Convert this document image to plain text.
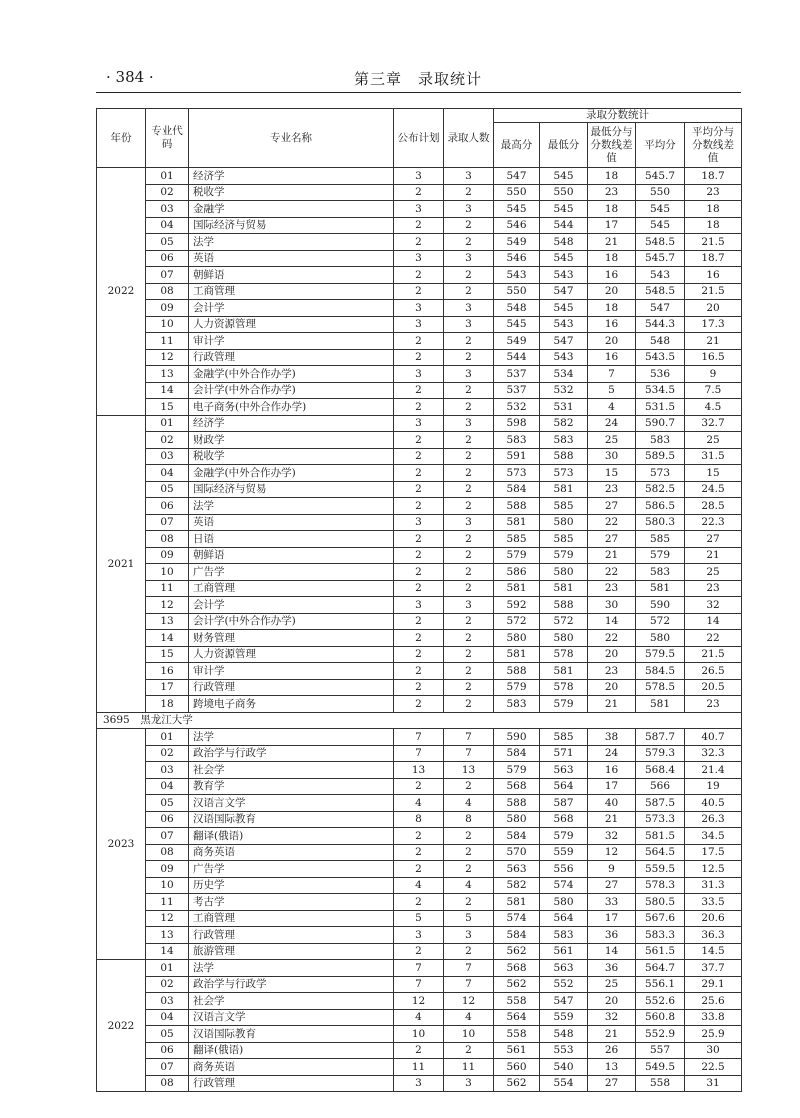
· 384 ·	第三章　录取统计
年份	专业代码	专业名称	公布计划	录取人数	录取分数统计				
					最高分	最低分	最低分与分数线差值	平均分	平均分与分数线差值
2022	01	经济学	3	3	547	545	18	545.7	18.7
	02	税收学	2	2	550	550	23	550	23
	03	金融学	3	3	545	545	18	545	18
	04	国际经济与贸易	2	2	546	544	17	545	18
	05	法学	2	2	549	548	21	548.5	21.5
	06	英语	3	3	546	545	18	545.7	18.7
	07	朝鲜语	2	2	543	543	16	543	16
	08	工商管理	2	2	550	547	20	548.5	21.5
	09	会计学	3	3	548	545	18	547	20
	10	人力资源管理	3	3	545	543	16	544.3	17.3
	11	审计学	2	2	549	547	20	548	21
	12	行政管理	2	2	544	543	16	543.5	16.5
	13	金融学(中外合作办学)	3	3	537	534	7	536	9
	14	会计学(中外合作办学)	2	2	537	532	5	534.5	7.5
	15	电子商务(中外合作办学)	2	2	532	531	4	531.5	4.5
2021	01	经济学	3	3	598	582	24	590.7	32.7
	02	财政学	2	2	583	583	25	583	25
	03	税收学	2	2	591	588	30	589.5	31.5
	04	金融学(中外合作办学)	2	2	573	573	15	573	15
	05	国际经济与贸易	2	2	584	581	23	582.5	24.5
	06	法学	2	2	588	585	27	586.5	28.5
	07	英语	3	3	581	580	22	580.3	22.3
	08	日语	2	2	585	585	27	585	27
	09	朝鲜语	2	2	579	579	21	579	21
	10	广告学	2	2	586	580	22	583	25
	11	工商管理	2	2	581	581	23	581	23
	12	会计学	3	3	592	588	30	590	32
	13	会计学(中外合作办学)	2	2	572	572	14	572	14
	14	财务管理	2	2	580	580	22	580	22
	15	人力资源管理	2	2	581	578	20	579.5	21.5
	16	审计学	2	2	588	581	23	584.5	26.5
	17	行政管理	2	2	579	578	20	578.5	20.5
	18	跨境电子商务	2	2	583	579	21	581	23
3695　黑龙江大学									
2023	01	法学	7	7	590	585	38	587.7	40.7
	02	政治学与行政学	7	7	584	571	24	579.3	32.3
	03	社会学	13	13	579	563	16	568.4	21.4
	04	教育学	2	2	568	564	17	566	19
	05	汉语言文学	4	4	588	587	40	587.5	40.5
	06	汉语国际教育	8	8	580	568	21	573.3	26.3
	07	翻译(俄语)	2	2	584	579	32	581.5	34.5
	08	商务英语	2	2	570	559	12	564.5	17.5
	09	广告学	2	2	563	556	9	559.5	12.5
	10	历史学	4	4	582	574	27	578.3	31.3
	11	考古学	2	2	581	580	33	580.5	33.5
	12	工商管理	5	5	574	564	17	567.6	20.6
	13	行政管理	3	3	584	583	36	583.3	36.3
	14	旅游管理	2	2	562	561	14	561.5	14.5
2022	01	法学	7	7	568	563	36	564.7	37.7
	02	政治学与行政学	7	7	562	552	25	556.1	29.1
	03	社会学	12	12	558	547	20	552.6	25.6
	04	汉语言文学	4	4	564	559	32	560.8	33.8
	05	汉语国际教育	10	10	558	548	21	552.9	25.9
	06	翻译(俄语)	2	2	561	553	26	557	30
	07	商务英语	11	11	560	540	13	549.5	22.5
	08	行政管理	3	3	562	554	27	558	31
